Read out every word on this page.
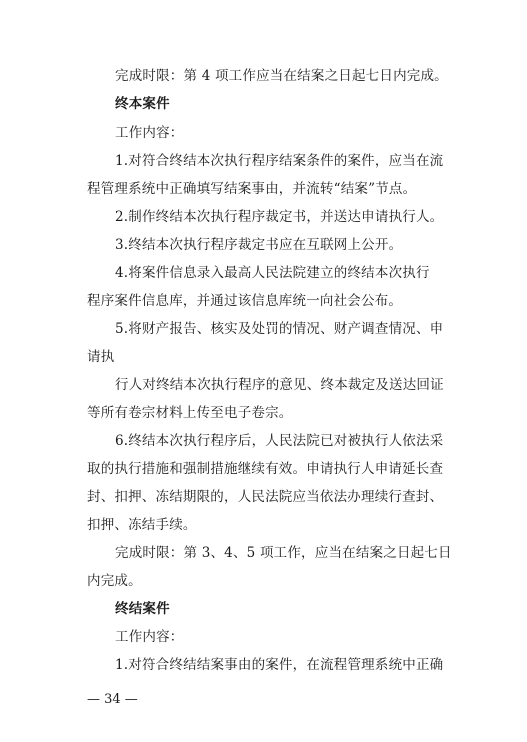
完成时限：第 4 项工作应当在结案之日起七日内完成。
终本案件
工作内容：
1.对符合终结本次执行程序结案条件的案件，应当在流
程管理系统中正确填写结案事由，并流转“结案”节点。
2.制作终结本次执行程序裁定书，并送达申请执行人。
3.终结本次执行程序裁定书应在互联网上公开。
4.将案件信息录入最高人民法院建立的终结本次执行
程序案件信息库，并通过该信息库统一向社会公布。
5.将财产报告、核实及处罚的情况、财产调查情况、申
请执
行人对终结本次执行程序的意见、终本裁定及送达回证
等所有卷宗材料上传至电子卷宗。
6.终结本次执行程序后，人民法院已对被执行人依法采
取的执行措施和强制措施继续有效。申请执行人申请延长查
封、扣押、冻结期限的，人民法院应当依法办理续行查封、
扣押、冻结手续。
完成时限：第 3、4、5 项工作，应当在结案之日起七日
内完成。
终结案件
工作内容：
1.对符合终结结案事由的案件，在流程管理系统中正确
— 34 —
